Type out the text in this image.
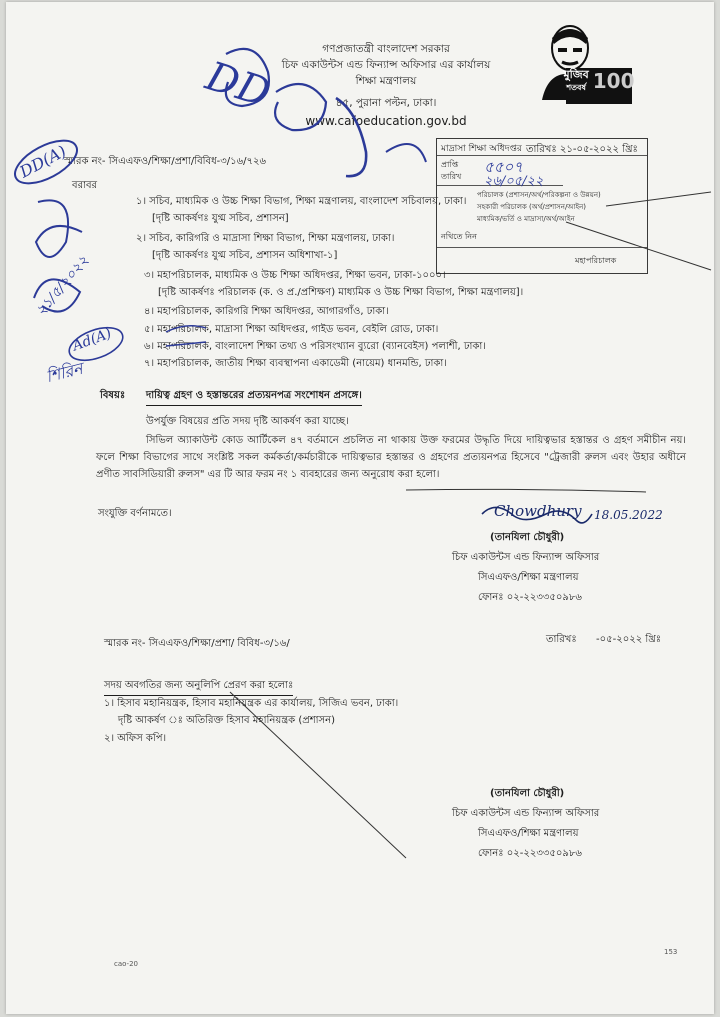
গণপ্রজাতন্ত্রী বাংলাদেশ সরকার
চিফ একাউন্টস এন্ড ফিন্যান্স অফিসার এর কার্যালয়
শিক্ষা মন্ত্রণালয়
৪৫, পুরানা পল্টন, ঢাকা।
www.cafoeducation.gov.bd
মুজিব
শতবর্ষ 100
স্মারক নং- সিএএফও/শিক্ষা/প্রশা/বিবিধ-৩/১৬/৭২৬
তারিখঃ ২১-০৫-২০২২ খ্রিঃ
মাদ্রাসা শিক্ষা অধিদপ্তর
প্রাপ্তি
তারিখ
পরিচালক (প্রশাসন/অর্থ/পরিকল্পনা ও উন্নয়ন)
সহকারী পরিচালক (অর্থ/প্রশাসন/আইন)
মাধ্যমিক/ভর্তি ও মাদ্রাসা/অর্থ/আইন
নথিতে নিন
মহাপরিচালক
৫৫০৭
২৬/০৫/২২
বরাবর
১। সচিব, মাধ্যমিক ও উচ্চ শিক্ষা বিভাগ, শিক্ষা মন্ত্রণালয়, বাংলাদেশ সচিবালয়, ঢাকা।
[দৃষ্টি আকর্ষণঃ যুগ্ম সচিব, প্রশাসন]
২। সচিব, কারিগরি ও মাদ্রাসা শিক্ষা বিভাগ, শিক্ষা মন্ত্রণালয়, ঢাকা।
[দৃষ্টি আকর্ষণঃ যুগ্ম সচিব, প্রশাসন অধিশাখা-১]
৩। মহাপরিচালক, মাধ্যমিক ও উচ্চ শিক্ষা অধিদপ্তর, শিক্ষা ভবন, ঢাকা-১০০০।
[দৃষ্টি আকর্ষণঃ পরিচালক (ক. ও প্র./প্রশিক্ষণ) মাধ্যমিক ও উচ্চ শিক্ষা বিভাগ, শিক্ষা মন্ত্রণালয়]।
৪। মহাপরিচালক, কারিগরি শিক্ষা অধিদপ্তর, আগারগাঁও, ঢাকা।
৫। মহাপরিচালক, মাদ্রাসা শিক্ষা অধিদপ্তর, গাইড ভবন, বেইলি রোড, ঢাকা।
৬। মহাপরিচালক, বাংলাদেশ শিক্ষা তথ্য ও পরিসংখ্যান ব্যুরো (ব্যানবেইস) পলাশী, ঢাকা।
৭। মহাপরিচালক, জাতীয় শিক্ষা ব্যবস্থাপনা একাডেমী (নায়েম) ধানমন্ডি, ঢাকা।
বিষয়ঃ দায়িত্ব গ্রহণ ও হস্তান্তরের প্রত্যয়নপত্র সংশোধন প্রসঙ্গে।
উপর্যুক্ত বিষয়ের প্রতি সদয় দৃষ্টি আকর্ষণ করা যাচ্ছে।
সিভিল অ্যাকাউন্ট কোড আর্টিকেল ৪৭ বর্তমানে প্রচলিত না থাকায় উক্ত ফরমের উদ্ধৃতি দিয়ে দায়িত্বভার হস্তান্তর ও গ্রহণ সমীচীন নয়। ফলে শিক্ষা বিভাগের সাথে সংশ্লিষ্ট সকল কর্মকর্তা/কর্মচারীকে দায়িত্বভার হস্তান্তর ও গ্রহণের প্রত্যয়নপত্র হিসেবে "ট্রেজারী রুলস এবং উহার অধীনে প্রণীত সাবসিডিয়ারী রুলস" এর টি আর ফরম নং ১ ব্যবহারের জন্য অনুরোধ করা হলো।
সংযুক্তি বর্ণনামতে।	Chowdhury 18.05.2022
(তানযিলা চৌধুরী)
চিফ একাউন্টস এন্ড ফিন্যান্স অফিসার
সিএএফও/শিক্ষা মন্ত্রণালয়
ফোনঃ ০২-২২৩৩৫০৯৮৬
স্মারক নং- সিএএফও/শিক্ষা/প্রশা/ বিবিধ-৩/১৬/	তারিখঃ -০৫-২০২২ খ্রিঃ
সদয় অবগতির জন্য অনুলিপি প্রেরণ করা হলোঃ
১। হিসাব মহানিয়ন্ত্রক, হিসাব মহানিয়ন্ত্রক এর কার্যালয়, সিজিএ ভবন, ঢাকা।
দৃষ্টি আকর্ষণ ঃ অতিরিক্ত হিসাব মহানিয়ন্ত্রক (প্রশাসন)
২। অফিস কপি।
(তানযিলা চৌধুরী)
চিফ একাউন্টস এন্ড ফিন্যান্স অফিসার
সিএএফও/শিক্ষা মন্ত্রণালয়
ফোনঃ ০২-২২৩৩৫০৯৮৬
cao-20
153
DD(A)
DD
Ad(A)
২১/৫/২০২২
শিরিন
